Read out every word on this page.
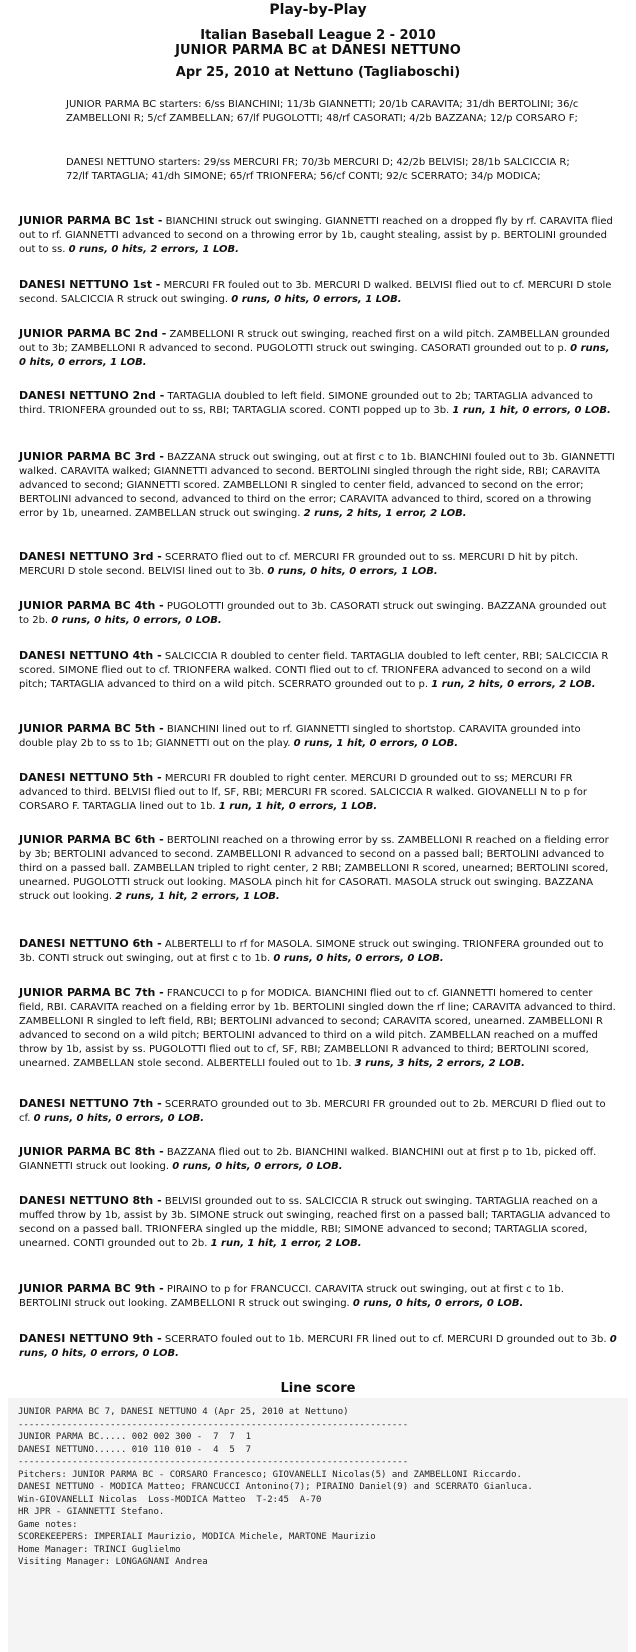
Play-by-Play
Italian Baseball League 2 - 2010
JUNIOR PARMA BC at DANESI NETTUNO
Apr 25, 2010 at Nettuno (Tagliaboschi)
JUNIOR PARMA BC starters: 6/ss BIANCHINI; 11/3b GIANNETTI; 20/1b CARAVITA; 31/dh BERTOLINI; 36/c ZAMBELLONI R; 5/cf ZAMBELLAN; 67/lf PUGOLOTTI; 48/rf CASORATI; 4/2b BAZZANA; 12/p CORSARO F;
DANESI NETTUNO starters: 29/ss MERCURI FR; 70/3b MERCURI D; 42/2b BELVISI; 28/1b SALCICCIA R; 72/lf TARTAGLIA; 41/dh SIMONE; 65/rf TRIONFERA; 56/cf CONTI; 92/c SCERRATO; 34/p MODICA;

JUNIOR PARMA BC 1st - BIANCHINI struck out swinging. GIANNETTI reached on a dropped fly by rf. CARAVITA flied out to rf. GIANNETTI advanced to second on a throwing error by 1b, caught stealing, assist by p. BERTOLINI grounded out to ss. 0 runs, 0 hits, 2 errors, 1 LOB.

DANESI NETTUNO 1st - MERCURI FR fouled out to 3b. MERCURI D walked. BELVISI flied out to cf. MERCURI D stole second. SALCICCIA R struck out swinging. 0 runs, 0 hits, 0 errors, 1 LOB.

JUNIOR PARMA BC 2nd - ZAMBELLONI R struck out swinging, reached first on a wild pitch. ZAMBELLAN grounded out to 3b; ZAMBELLONI R advanced to second. PUGOLOTTI struck out swinging. CASORATI grounded out to p. 0 runs, 0 hits, 0 errors, 1 LOB.

DANESI NETTUNO 2nd - TARTAGLIA doubled to left field. SIMONE grounded out to 2b; TARTAGLIA advanced to third. TRIONFERA grounded out to ss, RBI; TARTAGLIA scored. CONTI popped up to 3b. 1 run, 1 hit, 0 errors, 0 LOB.

JUNIOR PARMA BC 3rd - BAZZANA struck out swinging, out at first c to 1b. BIANCHINI fouled out to 3b. GIANNETTI walked. CARAVITA walked; GIANNETTI advanced to second. BERTOLINI singled through the right side, RBI; CARAVITA advanced to second; GIANNETTI scored. ZAMBELLONI R singled to center field, advanced to second on the error; BERTOLINI advanced to second, advanced to third on the error; CARAVITA advanced to third, scored on a throwing error by 1b, unearned. ZAMBELLAN struck out swinging. 2 runs, 2 hits, 1 error, 2 LOB.

DANESI NETTUNO 3rd - SCERRATO flied out to cf. MERCURI FR grounded out to ss. MERCURI D hit by pitch. MERCURI D stole second. BELVISI lined out to 3b. 0 runs, 0 hits, 0 errors, 1 LOB.

JUNIOR PARMA BC 4th - PUGOLOTTI grounded out to 3b. CASORATI struck out swinging. BAZZANA grounded out to 2b. 0 runs, 0 hits, 0 errors, 0 LOB.

DANESI NETTUNO 4th - SALCICCIA R doubled to center field. TARTAGLIA doubled to left center, RBI; SALCICCIA R scored. SIMONE flied out to cf. TRIONFERA walked. CONTI flied out to cf. TRIONFERA advanced to second on a wild pitch; TARTAGLIA advanced to third on a wild pitch. SCERRATO grounded out to p. 1 run, 2 hits, 0 errors, 2 LOB.

JUNIOR PARMA BC 5th - BIANCHINI lined out to rf. GIANNETTI singled to shortstop. CARAVITA grounded into double play 2b to ss to 1b; GIANNETTI out on the play. 0 runs, 1 hit, 0 errors, 0 LOB.

DANESI NETTUNO 5th - MERCURI FR doubled to right center. MERCURI D grounded out to ss; MERCURI FR advanced to third. BELVISI flied out to lf, SF, RBI; MERCURI FR scored. SALCICCIA R walked. GIOVANELLI N to p for CORSARO F. TARTAGLIA lined out to 1b. 1 run, 1 hit, 0 errors, 1 LOB.

JUNIOR PARMA BC 6th - BERTOLINI reached on a throwing error by ss. ZAMBELLONI R reached on a fielding error by 3b; BERTOLINI advanced to second. ZAMBELLONI R advanced to second on a passed ball; BERTOLINI advanced to third on a passed ball. ZAMBELLAN tripled to right center, 2 RBI; ZAMBELLONI R scored, unearned; BERTOLINI scored, unearned. PUGOLOTTI struck out looking. MASOLA pinch hit for CASORATI. MASOLA struck out swinging. BAZZANA struck out looking. 2 runs, 1 hit, 2 errors, 1 LOB.

DANESI NETTUNO 6th - ALBERTELLI to rf for MASOLA. SIMONE struck out swinging. TRIONFERA grounded out to 3b. CONTI struck out swinging, out at first c to 1b. 0 runs, 0 hits, 0 errors, 0 LOB.

JUNIOR PARMA BC 7th - FRANCUCCI to p for MODICA. BIANCHINI flied out to cf. GIANNETTI homered to center field, RBI. CARAVITA reached on a fielding error by 1b. BERTOLINI singled down the rf line; CARAVITA advanced to third. ZAMBELLONI R singled to left field, RBI; BERTOLINI advanced to second; CARAVITA scored, unearned. ZAMBELLONI R advanced to second on a wild pitch; BERTOLINI advanced to third on a wild pitch. ZAMBELLAN reached on a muffed throw by 1b, assist by ss. PUGOLOTTI flied out to cf, SF, RBI; ZAMBELLONI R advanced to third; BERTOLINI scored, unearned. ZAMBELLAN stole second. ALBERTELLI fouled out to 1b. 3 runs, 3 hits, 2 errors, 2 LOB.

DANESI NETTUNO 7th - SCERRATO grounded out to 3b. MERCURI FR grounded out to 2b. MERCURI D flied out to cf. 0 runs, 0 hits, 0 errors, 0 LOB.

JUNIOR PARMA BC 8th - BAZZANA flied out to 2b. BIANCHINI walked. BIANCHINI out at first p to 1b, picked off. GIANNETTI struck out looking. 0 runs, 0 hits, 0 errors, 0 LOB.

DANESI NETTUNO 8th - BELVISI grounded out to ss. SALCICCIA R struck out swinging. TARTAGLIA reached on a muffed throw by 1b, assist by 3b. SIMONE struck out swinging, reached first on a passed ball; TARTAGLIA advanced to second on a passed ball. TRIONFERA singled up the middle, RBI; SIMONE advanced to second; TARTAGLIA scored, unearned. CONTI grounded out to 2b. 1 run, 1 hit, 1 error, 2 LOB.

JUNIOR PARMA BC 9th - PIRAINO to p for FRANCUCCI. CARAVITA struck out swinging, out at first c to 1b. BERTOLINI struck out looking. ZAMBELLONI R struck out swinging. 0 runs, 0 hits, 0 errors, 0 LOB.

DANESI NETTUNO 9th - SCERRATO fouled out to 1b. MERCURI FR lined out to cf. MERCURI D grounded out to 3b. 0 runs, 0 hits, 0 errors, 0 LOB.

Line score
JUNIOR PARMA BC 7, DANESI NETTUNO 4 (Apr 25, 2010 at Nettuno)
------------------------------------------------------------------------
JUNIOR PARMA BC..... 002 002 300 -  7  7  1
DANESI NETTUNO...... 010 110 010 -  4  5  7
------------------------------------------------------------------------
Pitchers: JUNIOR PARMA BC - CORSARO Francesco; GIOVANELLI Nicolas(5) and ZAMBELLONI Riccardo.
DANESI NETTUNO - MODICA Matteo; FRANCUCCI Antonino(7); PIRAINO Daniel(9) and SCERRATO Gianluca.
Win-GIOVANELLI Nicolas  Loss-MODICA Matteo  T-2:45  A-70
HR JPR - GIANNETTI Stefano.
Game notes:
SCOREKEEPERS: IMPERIALI Maurizio, MODICA Michele, MARTONE Maurizio
Home Manager: TRINCI Guglielmo
Visiting Manager: LONGAGNANI Andrea
